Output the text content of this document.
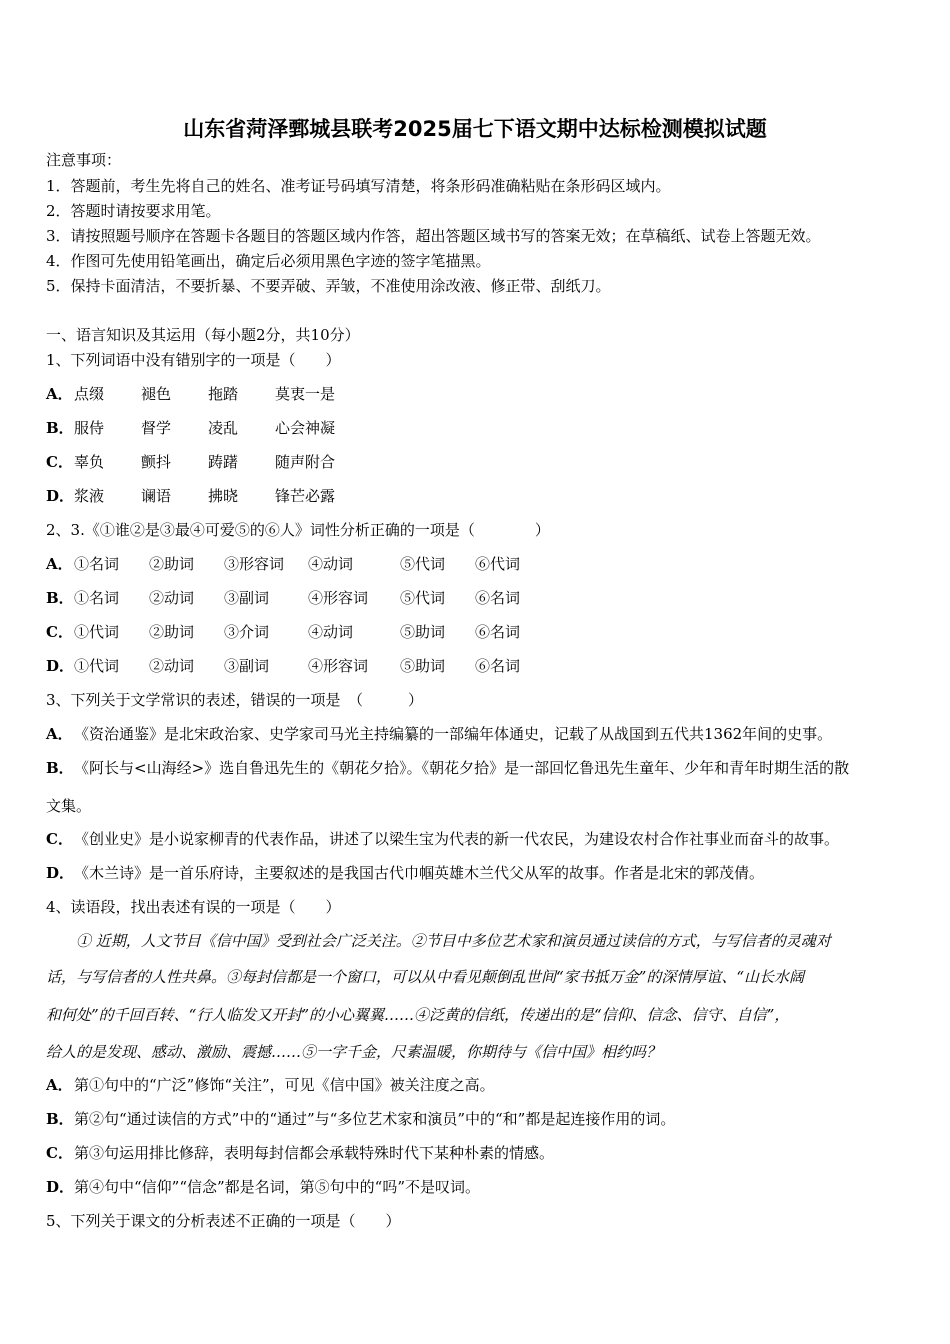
山东省菏泽鄄城县联考2025届七下语文期中达标检测模拟试题
注意事项：
1．答题前，考生先将自己的姓名、准考证号码填写清楚，将条形码准确粘贴在条形码区域内。
2．答题时请按要求用笔。
3．请按照题号顺序在答题卡各题目的答题区域内作答，超出答题区域书写的答案无效；在草稿纸、试卷上答题无效。
4．作图可先使用铅笔画出，确定后必须用黑色字迹的签字笔描黑。
5．保持卡面清洁，不要折暴、不要弄破、弄皱，不准使用涂改液、修正带、刮纸刀。
一、语言知识及其运用（每小题2分，共10分）
1、下列词语中没有错别字的一项是（　　）
A．点缀 褪色 拖踏 莫衷一是
B．服侍 督学 凌乱 心会神凝
C．辜负 颤抖 踌躇 随声附合
D．浆液 谰语 拂晓 锋芒必露
2、3.《①谁②是③最④可爱⑤的⑥人》词性分析正确的一项是（　　　　）
A．①名词 ②助词 ③形容词 ④动词	⑤代词 ⑥代词
B．①名词 ②动词 ③副词	④形容词 ⑤代词 ⑥名词
C．①代词 ②助词 ③介词	④动词	⑤助词 ⑥名词
D．①代词 ②动词 ③副词	④形容词 ⑤助词 ⑥名词
3、下列关于文学常识的表述，错误的一项是　（　　　）
A．《资治通鉴》是北宋政治家、史学家司马光主持编纂的一部编年体通史，记载了从战国到五代共1362年间的史事。
B．《阿长与<山海经>》选自鲁迅先生的《朝花夕拾》。《朝花夕拾》是一部回忆鲁迅先生童年、少年和青年时期生活的散
文集。
C．《创业史》是小说家柳青的代表作品，讲述了以梁生宝为代表的新一代农民，为建设农村合作社事业而奋斗的故事。
D．《木兰诗》是一首乐府诗，主要叙述的是我国古代巾帼英雄木兰代父从军的故事。作者是北宋的郭茂倩。
4、读语段，找出表述有误的一项是（　　）
　　① 近期，人文节目《信中国》受到社会广泛关注。②节目中多位艺术家和演员通过读信的方式，与写信者的灵魂对
话，与写信者的人性共鼻。③每封信都是一个窗口，可以从中看见颠倒乱世间“家书抵万金”的深情厚谊、“山长水阔
和何处”的千回百转、“行人临发又开封”的小心翼翼……④泛黄的信纸，传递出的是“信仰、信念、信守、自信”，
给人的是发现、感动、激励、震撼……⑤一字千金，尺素温暖，你期待与《信中国》相约吗？
A．第①句中的“广泛”修饰“关注”，可见《信中国》被关注度之高。
B．第②句“通过读信的方式”中的“通过”与“多位艺术家和演员”中的“和”都是起连接作用的词。
C．第③句运用排比修辞，表明每封信都会承载特殊时代下某种朴素的情感。
D．第④句中“信仰”“信念”都是名词，第⑤句中的“吗”不是叹词。
5、下列关于课文的分析表述不正确的一项是（　　）
